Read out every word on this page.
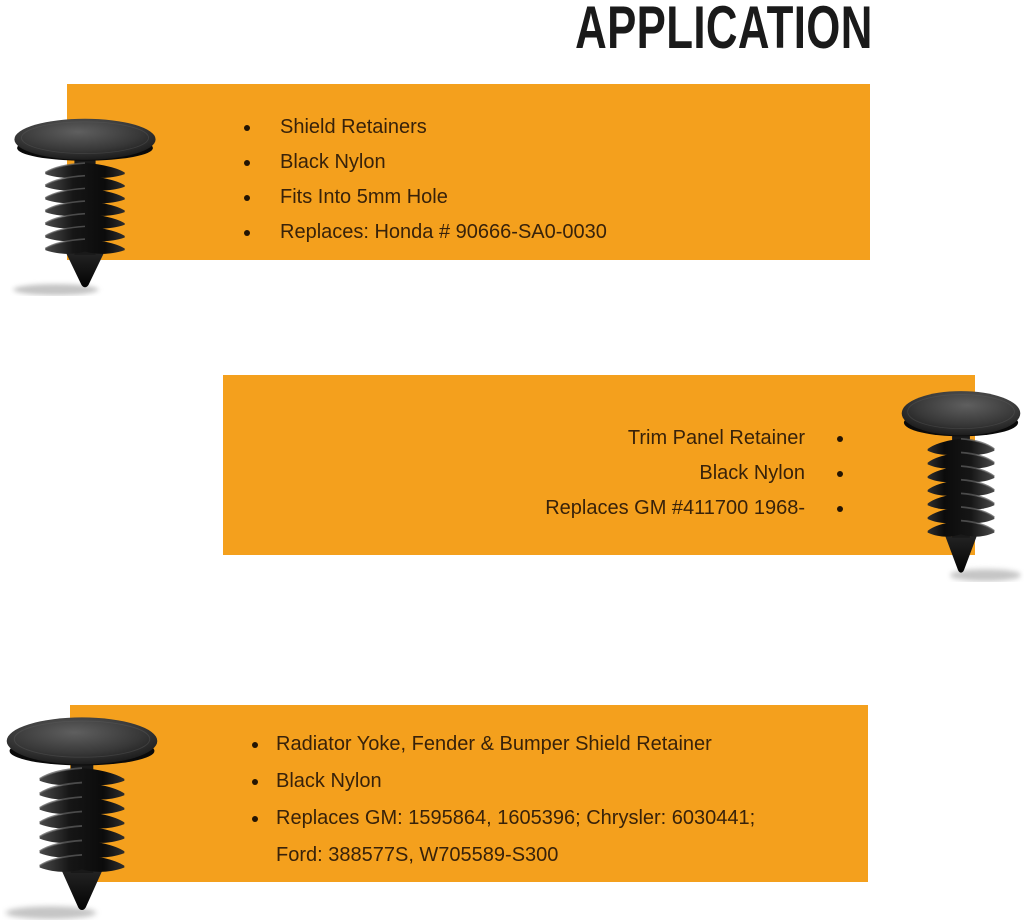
APPLICATION
Shield Retainers
Black Nylon
Fits Into 5mm Hole
Replaces: Honda # 90666-SA0-0030
Trim Panel Retainer
Black Nylon
Replaces GM #411700 1968-
Radiator Yoke, Fender & Bumper Shield Retainer
Black Nylon
Replaces GM: 1595864, 1605396; Chrysler: 6030441; Ford: 388577S, W705589-S300
